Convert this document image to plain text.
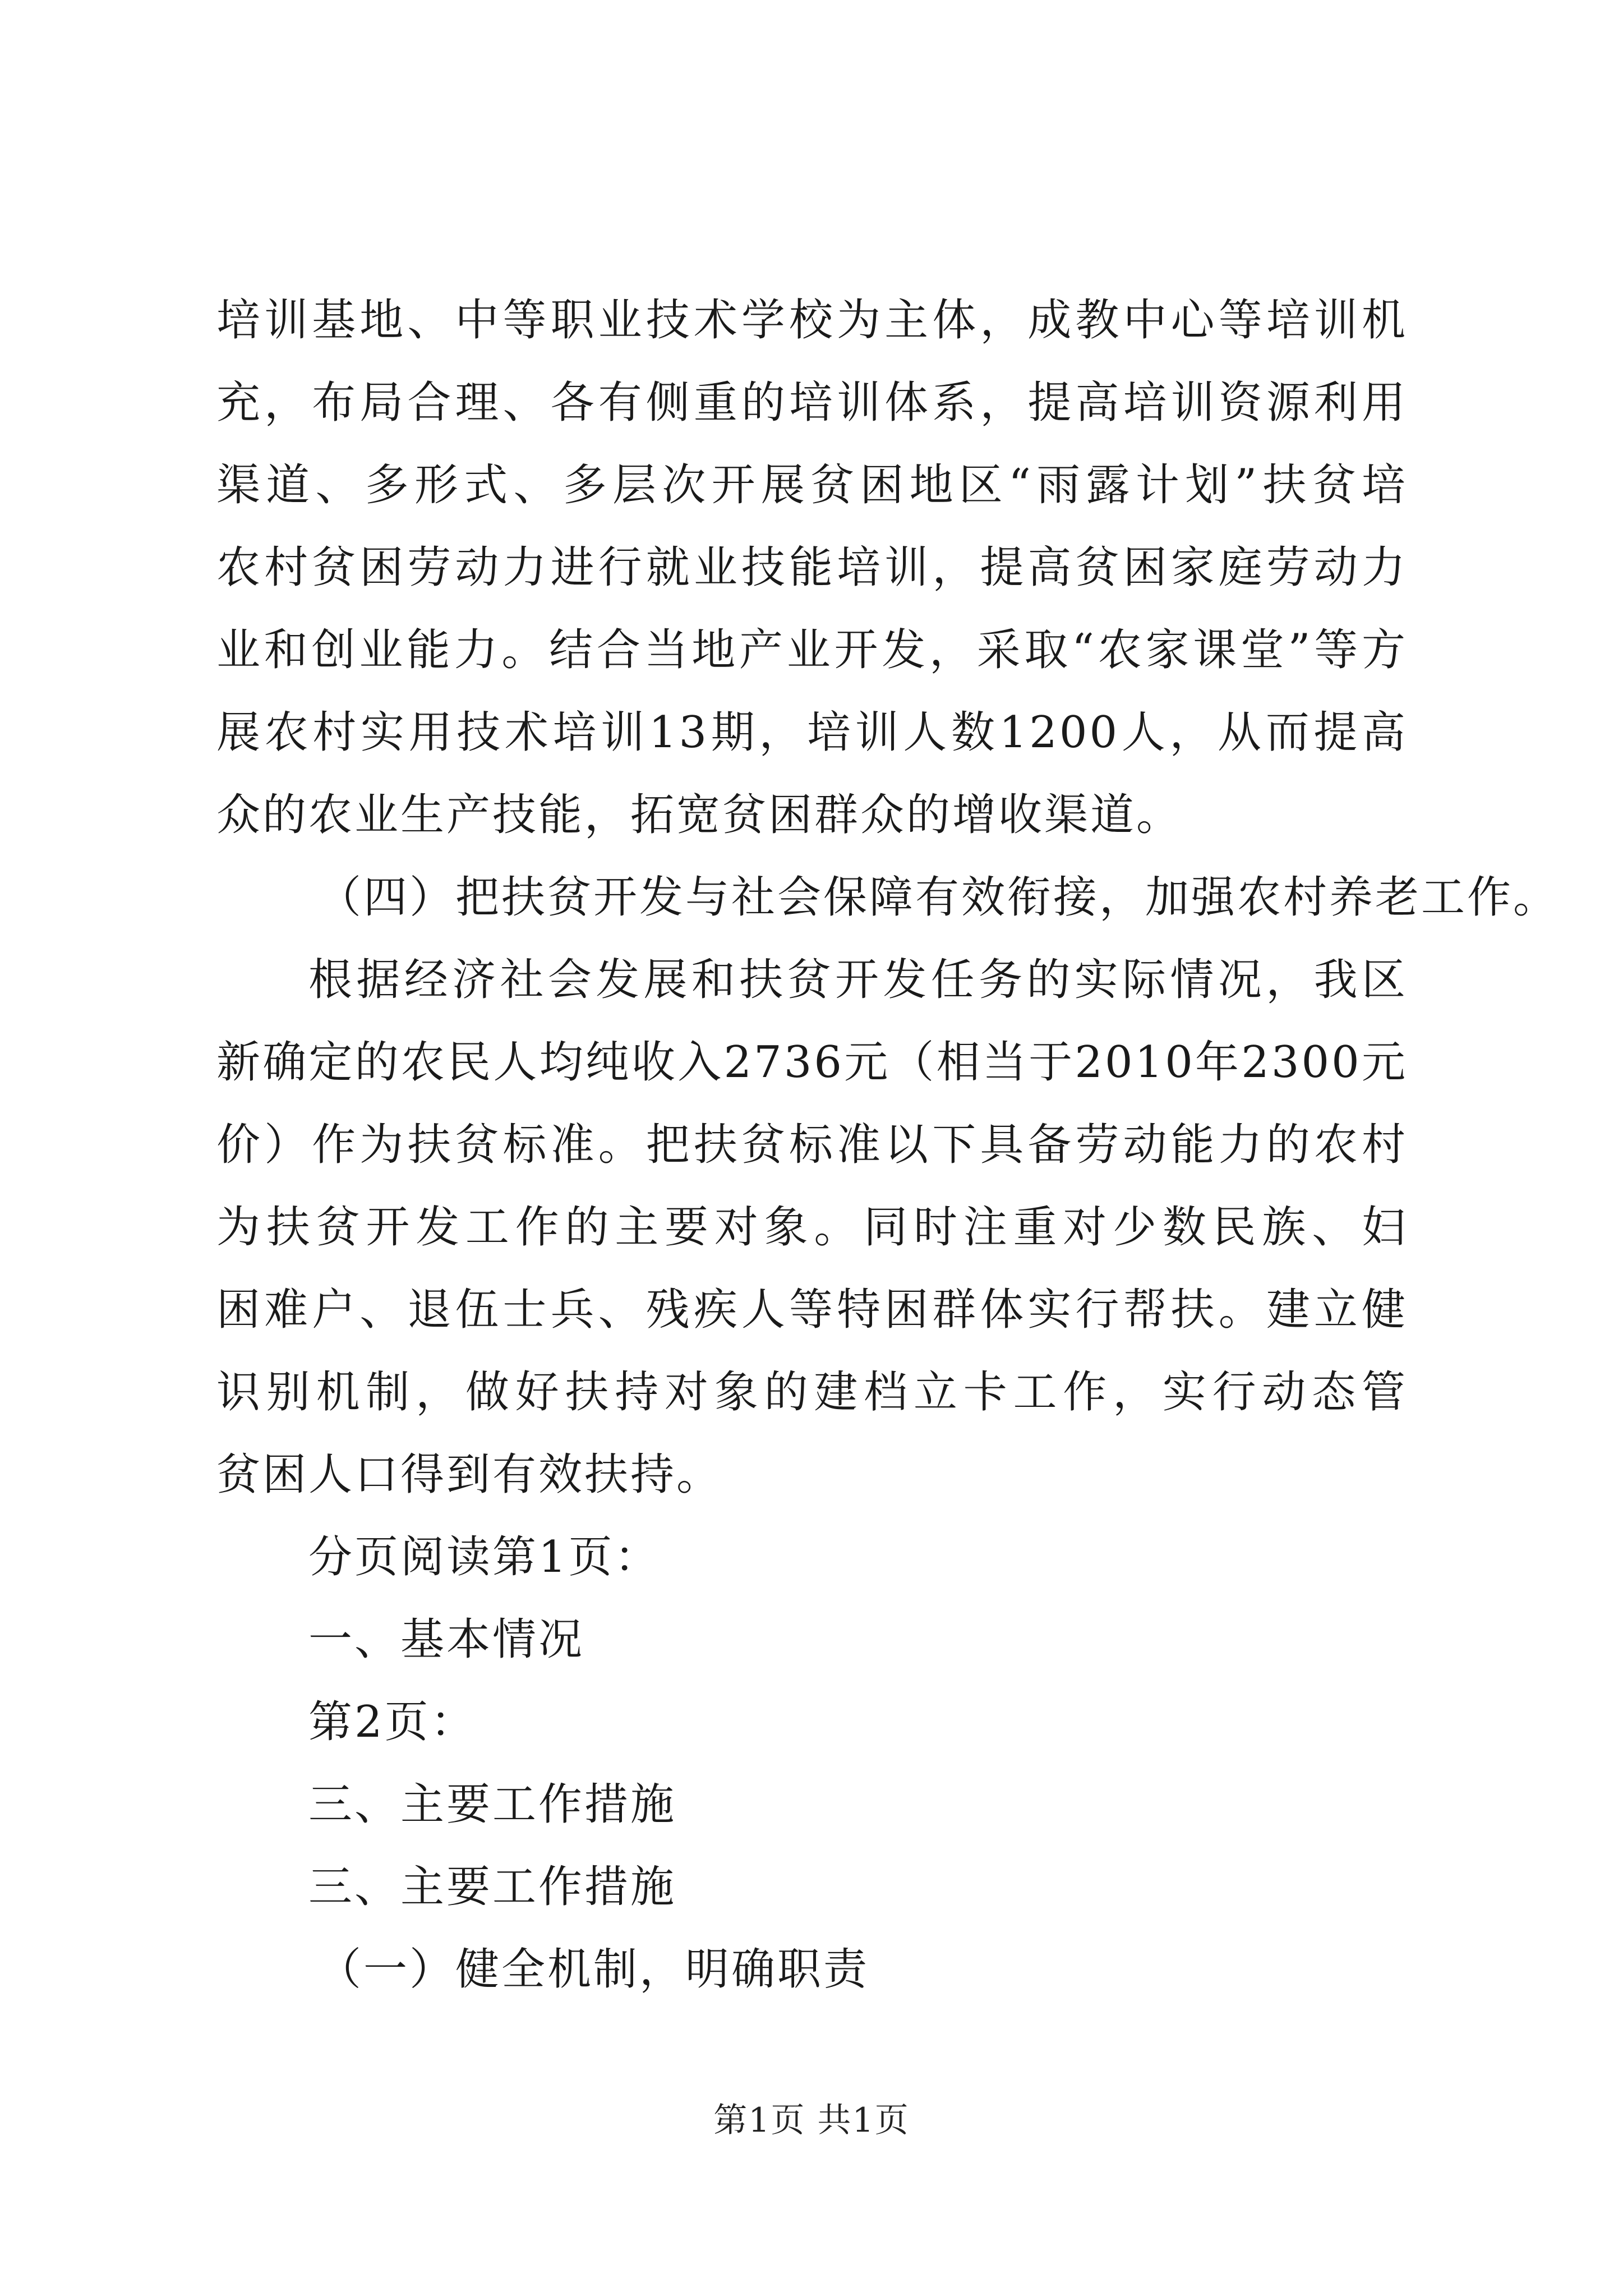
培训基地、中等职业技术学校为主体，成教中心等培训机
充，布局合理、各有侧重的培训体系，提高培训资源利用
渠道、多形式、多层次开展贫困地区“雨露计划”扶贫培
农村贫困劳动力进行就业技能培训，提高贫困家庭劳动力
业和创业能力。结合当地产业开发，采取“农家课堂”等方
展农村实用技术培训13期，培训人数1200人，从而提高
众的农业生产技能，拓宽贫困群众的增收渠道。
（四）把扶贫开发与社会保障有效衔接，加强农村养老工作。
根据经济社会发展和扶贫开发任务的实际情况，我区
新确定的农民人均纯收入2736元（相当于2010年2300元
价）作为扶贫标准。把扶贫标准以下具备劳动能力的农村
为扶贫开发工作的主要对象。同时注重对少数民族、妇
困难户、退伍士兵、残疾人等特困群体实行帮扶。建立健
识别机制，做好扶持对象的建档立卡工作，实行动态管
贫困人口得到有效扶持。
分页阅读第1页：
一、基本情况
第2页：
三、主要工作措施
三、主要工作措施
（一）健全机制，明确职责
第1页 共1页
